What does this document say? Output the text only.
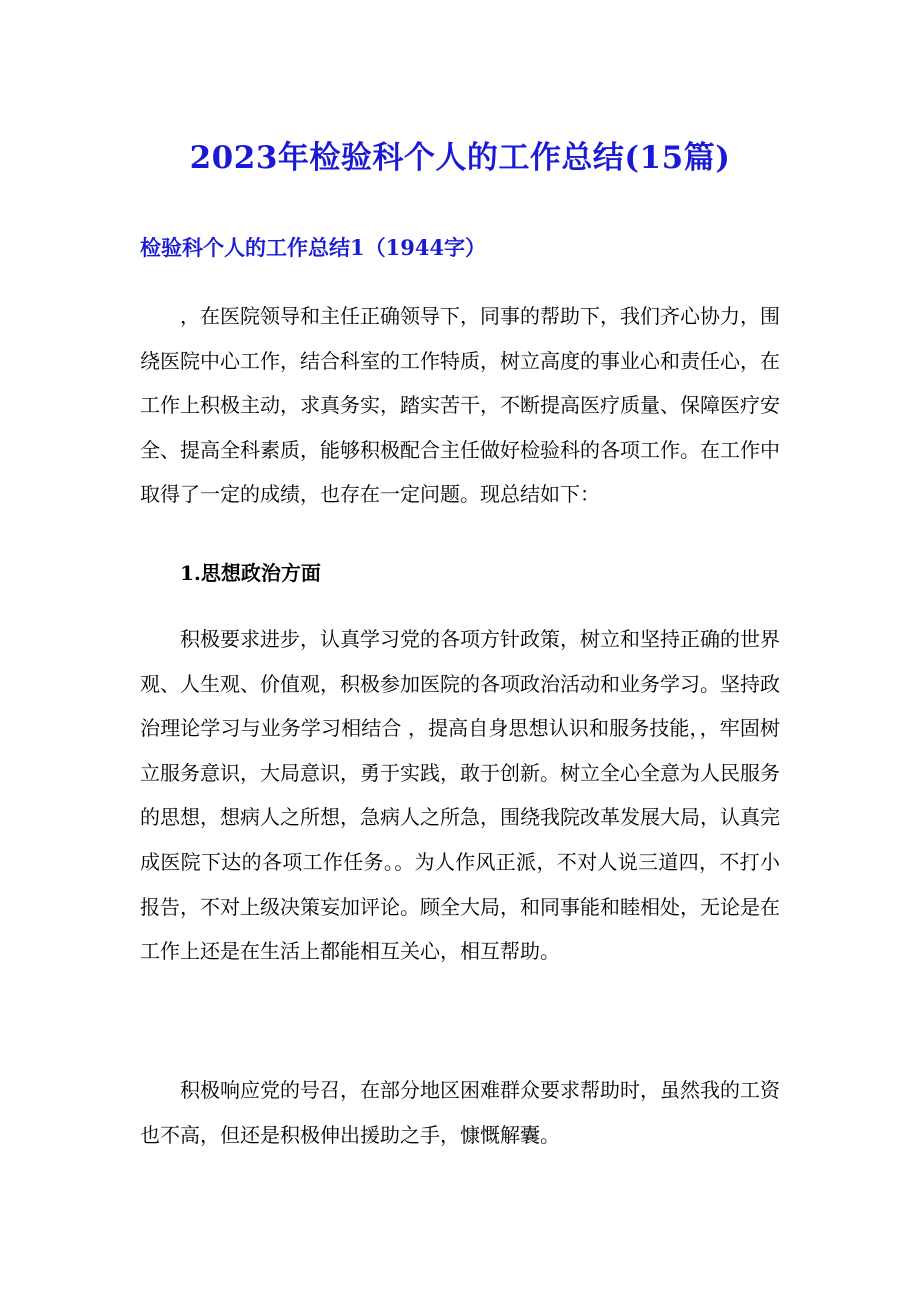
2023年检验科个人的工作总结(15篇)
检验科个人的工作总结1（1944字）

，在医院领导和主任正确领导下，同事的帮助下，我们齐心协力，围绕医院中心工作，结合科室的工作特质，树立高度的事业心和责任心，在工作上积极主动，求真务实，踏实苦干，不断提高医疗质量、保障医疗安全、提高全科素质，能够积极配合主任做好检验科的各项工作。在工作中取得了一定的成绩，也存在一定问题。现总结如下：

1.思想政治方面

积极要求进步，认真学习党的各项方针政策，树立和坚持正确的世界观、人生观、价值观，积极参加医院的各项政治活动和业务学习。坚持政治理论学习与业务学习相结合 ，提高自身思想认识和服务技能，，牢固树立服务意识，大局意识，勇于实践，敢于创新。树立全心全意为人民服务的思想，想病人之所想，急病人之所急，围绕我院改革发展大局，认真完成医院下达的各项工作任务。。为人作风正派，不对人说三道四，不打小报告，不对上级决策妄加评论。顾全大局，和同事能和睦相处，无论是在工作上还是在生活上都能相互关心，相互帮助。

积极响应党的号召，在部分地区困难群众要求帮助时，虽然我的工资也不高，但还是积极伸出援助之手，慷慨解囊。
